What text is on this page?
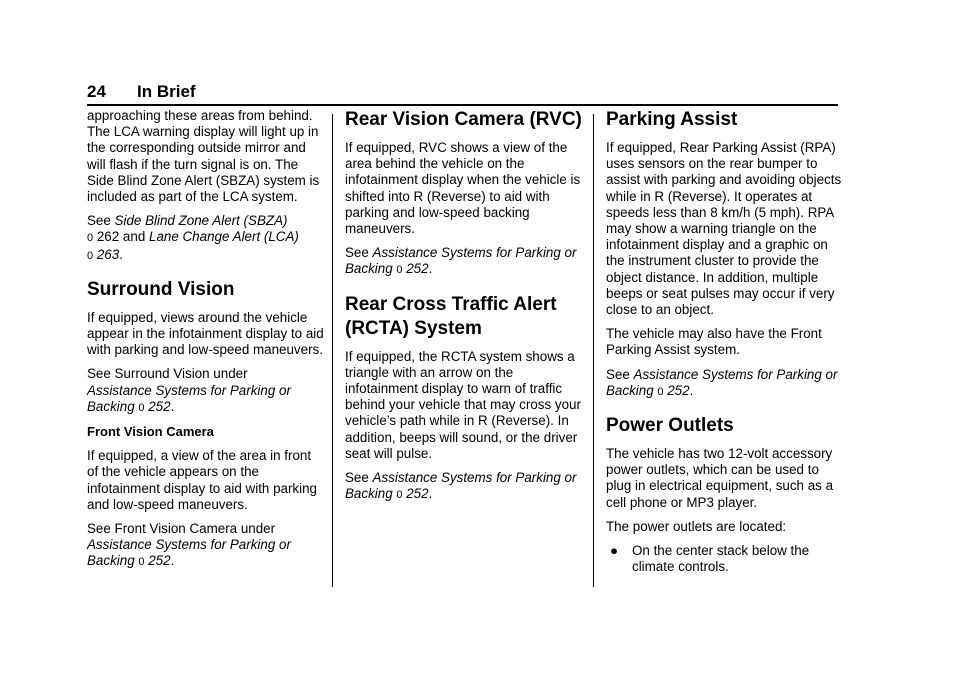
24 In Brief

approaching these areas from behind. The LCA warning display will light up in the corresponding outside mirror and will flash if the turn signal is on. The Side Blind Zone Alert (SBZA) system is included as part of the LCA system.

See Side Blind Zone Alert (SBZA)
0 262 and Lane Change Alert (LCA)
0 263.

Surround Vision

If equipped, views around the vehicle appear in the infotainment display to aid with parking and low-speed maneuvers.

See Surround Vision under
Assistance Systems for Parking or Backing 0 252.

Front Vision Camera

If equipped, a view of the area in front of the vehicle appears on the infotainment display to aid with parking and low-speed maneuvers.

See Front Vision Camera under
Assistance Systems for Parking or Backing 0 252.

Rear Vision Camera (RVC)

If equipped, RVC shows a view of the area behind the vehicle on the infotainment display when the vehicle is shifted into R (Reverse) to aid with parking and low-speed backing maneuvers.

See Assistance Systems for Parking or Backing 0 252.

Rear Cross Traffic Alert (RCTA) System

If equipped, the RCTA system shows a triangle with an arrow on the infotainment display to warn of traffic behind your vehicle that may cross your vehicle’s path while in R (Reverse). In addition, beeps will sound, or the driver seat will pulse.

See Assistance Systems for Parking or Backing 0 252.

Parking Assist

If equipped, Rear Parking Assist (RPA) uses sensors on the rear bumper to assist with parking and avoiding objects while in R (Reverse). It operates at speeds less than 8 km/h (5 mph). RPA may show a warning triangle on the infotainment display and a graphic on the instrument cluster to provide the object distance. In addition, multiple beeps or seat pulses may occur if very close to an object.

The vehicle may also have the Front Parking Assist system.

See Assistance Systems for Parking or Backing 0 252.

Power Outlets

The vehicle has two 12-volt accessory power outlets, which can be used to plug in electrical equipment, such as a cell phone or MP3 player.

The power outlets are located:

●	On the center stack below the climate controls.
